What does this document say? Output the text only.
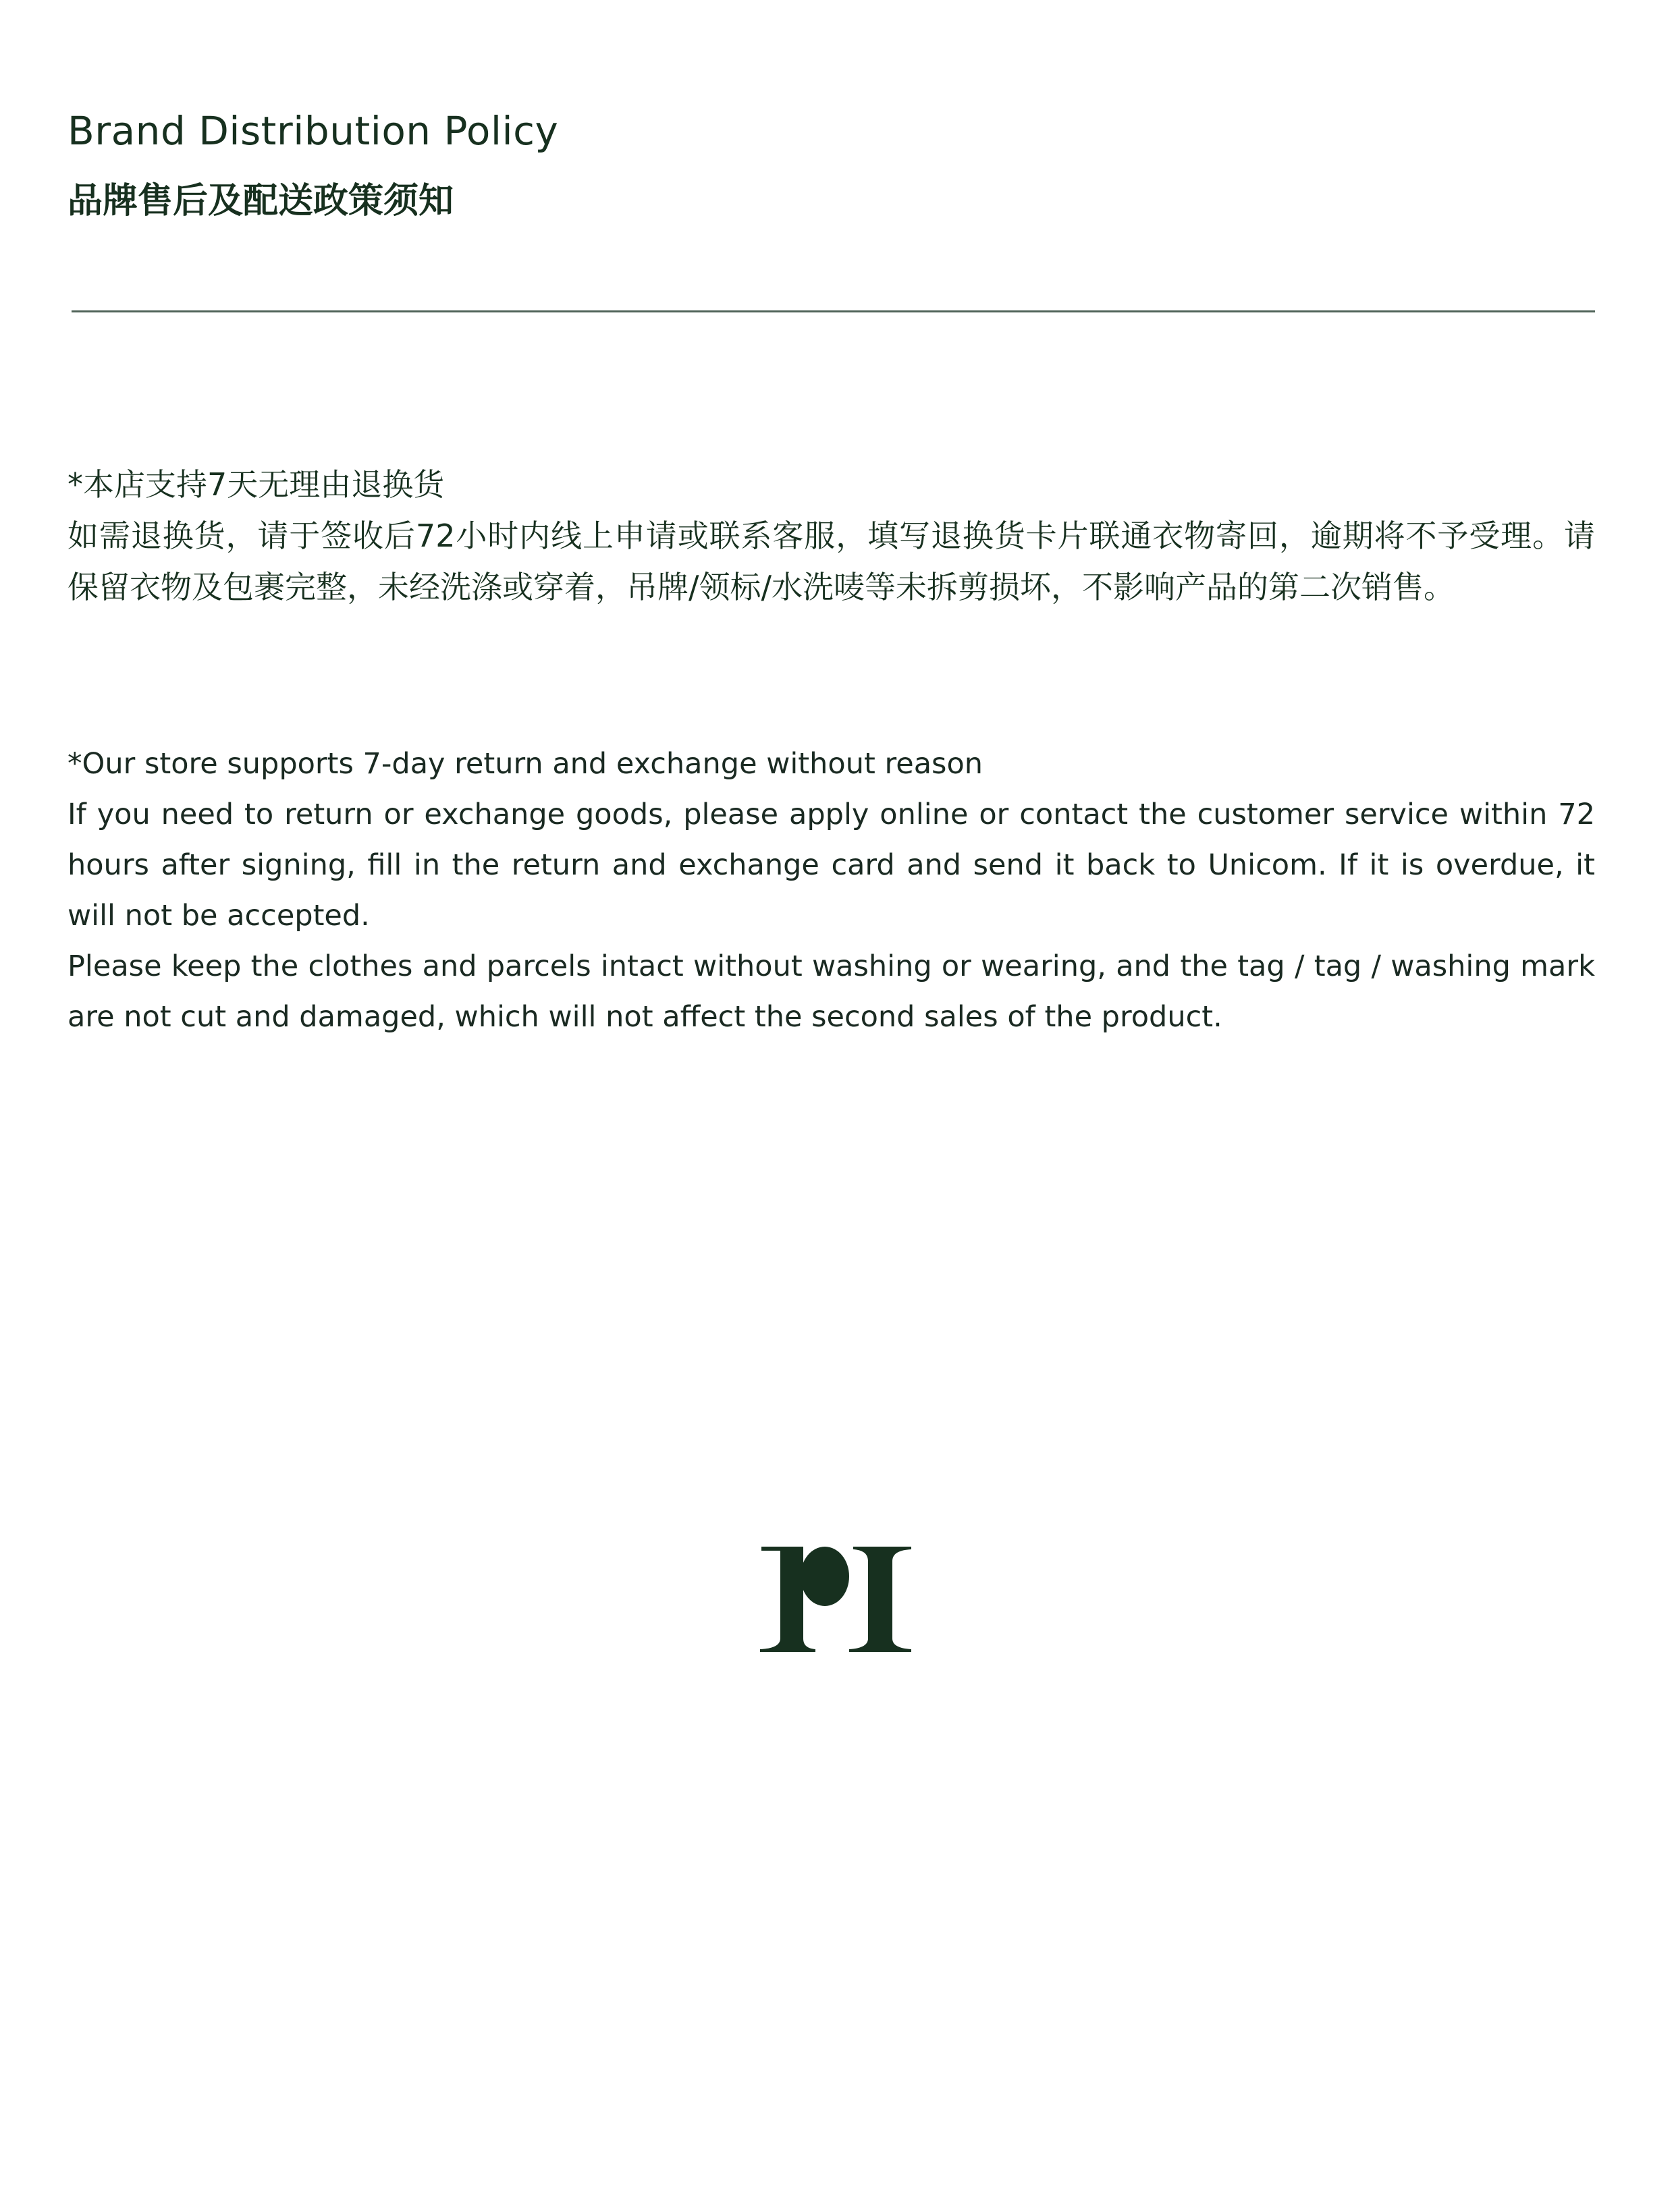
Brand Distribution Policy
品牌售后及配送政策须知
*本店支持7天无理由退换货
如需退换货，请于签收后72小时内线上申请或联系客服，填写退换货卡片联通衣物寄回，逾期将不予受理。请保留衣物及包裹完整，未经洗涤或穿着，吊牌/领标/水洗唛等未拆剪损坏，不影响产品的第二次销售。
*Our store supports 7-day return and exchange without reason
If you need to return or exchange goods, please apply online or contact the customer service within 72 hours after signing, fill in the return and exchange card and send it back to Unicom. If it is overdue, it will not be accepted.
Please keep the clothes and parcels intact without washing or wearing, and the tag / tag / washing mark are not cut and damaged, which will not affect the second sales of the product.
